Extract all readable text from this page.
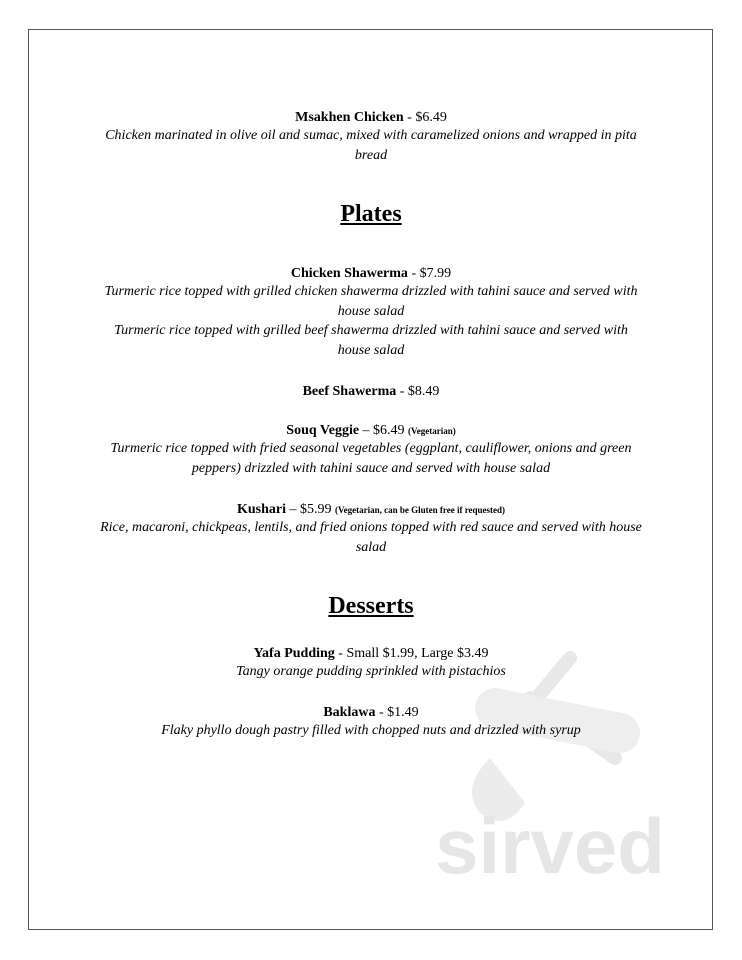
Msakhen Chicken - $6.49
Chicken marinated in olive oil and sumac, mixed with caramelized onions and wrapped in pita
bread
Plates
Chicken Shawerma - $7.99
Turmeric rice topped with grilled chicken shawerma drizzled with tahini sauce and served with
house salad
Turmeric rice topped with grilled beef shawerma drizzled with tahini sauce and served with
house salad
Beef Shawerma - $8.49
Souq Veggie – $6.49 (Vegetarian)
Turmeric rice topped with fried seasonal vegetables (eggplant, cauliflower, onions and green
peppers) drizzled with tahini sauce and served with house salad
Kushari – $5.99 (Vegetarian, can be Gluten free if requested)
Rice, macaroni, chickpeas, lentils, and fried onions topped with red sauce and served with house
salad
Desserts
sirved
Yafa Pudding - Small $1.99, Large $3.49
Tangy orange pudding sprinkled with pistachios
Baklawa - $1.49
Flaky phyllo dough pastry filled with chopped nuts and drizzled with syrup
